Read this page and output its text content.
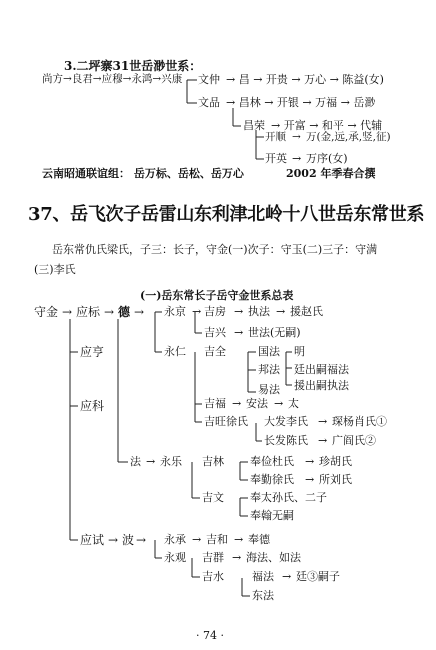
3.二坪寨31世岳渺世系：
尚方→良君→应穆→永鸿→兴康 文仲 → 昌 → 开贵 → 万心 → 陈益(女)
文品 → 昌林 → 开银 → 万福 → 岳渺
昌荣 → 开富 → 和平 → 代辅
开顺 → 万(金,远,承,竖,征)
开英 → 万序(女)
云南昭通联谊组： 岳万标、岳松、岳万心	2002 年季春合撰
37、岳飞次子岳雷山东利津北岭十八世岳东常世系
岳东常仇氏梁氏，子三：长子，守金(一)次子：守玉(二)三子：守满
(三)李氏
(一)岳东常长子岳守金世系总表
守金 → 应标 → 德 → 永京 → 吉房 → 执法 → 援赵氏
吉兴 → 世法(无嗣)
永仁 吉全	国法 明
邦法 廷出嗣福法
易法 援出嗣执法
吉福 → 安法 → 太
吉旺徐氏 大发李氏 → 琛杨肖氏①
长发陈氏 → 广阎氏②
应亨
应科
法 → 永乐 吉林 奉俭杜氏 → 珍胡氏
奉勤徐氏 → 所刘氏
吉文 奉太孙氏、二子
奉翰无嗣
应试 → 波 → 永承 → 吉和 → 奉德
永观 吉群 → 海法、如法
吉水	福法 → 廷③嗣子
东法
· 74 ·
